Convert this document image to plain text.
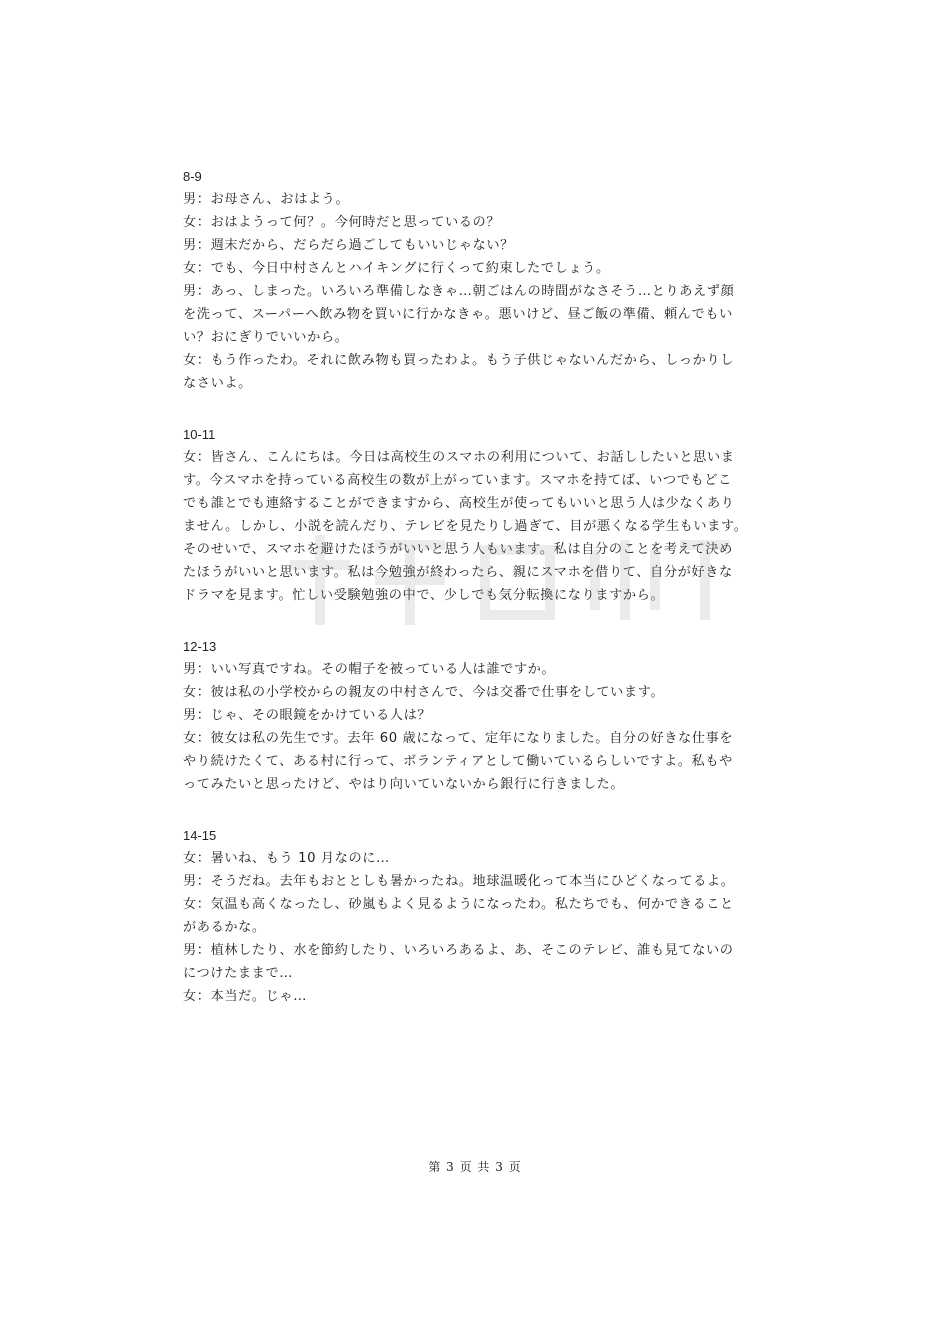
8-9
男：お母さん、おはよう。
女：おはようって何？。今何時だと思っているの？
男：週末だから、だらだら過ごしてもいいじゃない？
女：でも、今日中村さんとハイキングに行くって約束したでしょう。
男：あっ、しまった。いろいろ準備しなきゃ…朝ごはんの時間がなさそう…とりあえず顔
を洗って、スーパーへ飲み物を買いに行かなきゃ。悪いけど、昼ご飯の準備、頼んでもい
い？おにぎりでいいから。
女：もう作ったわ。それに飲み物も買ったわよ。もう子供じゃないんだから、しっかりし
なさいよ。
10-11
女：皆さん、こんにちは。今日は高校生のスマホの利用について、お話ししたいと思いま
す。今スマホを持っている高校生の数が上がっています。スマホを持てば、いつでもどこ
でも誰とでも連絡することができますから、高校生が使ってもいいと思う人は少なくあり
ません。しかし、小説を読んだり、テレビを見たりし過ぎて、目が悪くなる学生もいます。
そのせいで、スマホを避けたほうがいいと思う人もいます。私は自分のことを考えて決め
たほうがいいと思います。私は今勉強が終わったら、親にスマホを借りて、自分が好きな
ドラマを見ます。忙しい受験勉強の中で、少しでも気分転換になりますから。
12-13
男：いい写真ですね。その帽子を被っている人は誰ですか。
女：彼は私の小学校からの親友の中村さんで、今は交番で仕事をしています。
男：じゃ、その眼鏡をかけている人は？
女：彼女は私の先生です。去年 60 歳になって、定年になりました。自分の好きな仕事を
やり続けたくて、ある村に行って、ボランティアとして働いているらしいですよ。私もや
ってみたいと思ったけど、やはり向いていないから銀行に行きました。
14-15
女：暑いね、もう 10 月なのに…
男：そうだね。去年もおととしも暑かったね。地球温暖化って本当にひどくなってるよ。
女：気温も高くなったし、砂嵐もよく見るようになったわ。私たちでも、何かできること
があるかな。
男：植林したり、水を節約したり、いろいろあるよ、あ、そこのテレビ、誰も見てないの
につけたままで…
女：本当だ。じゃ…
第 3 页 共 3 页
